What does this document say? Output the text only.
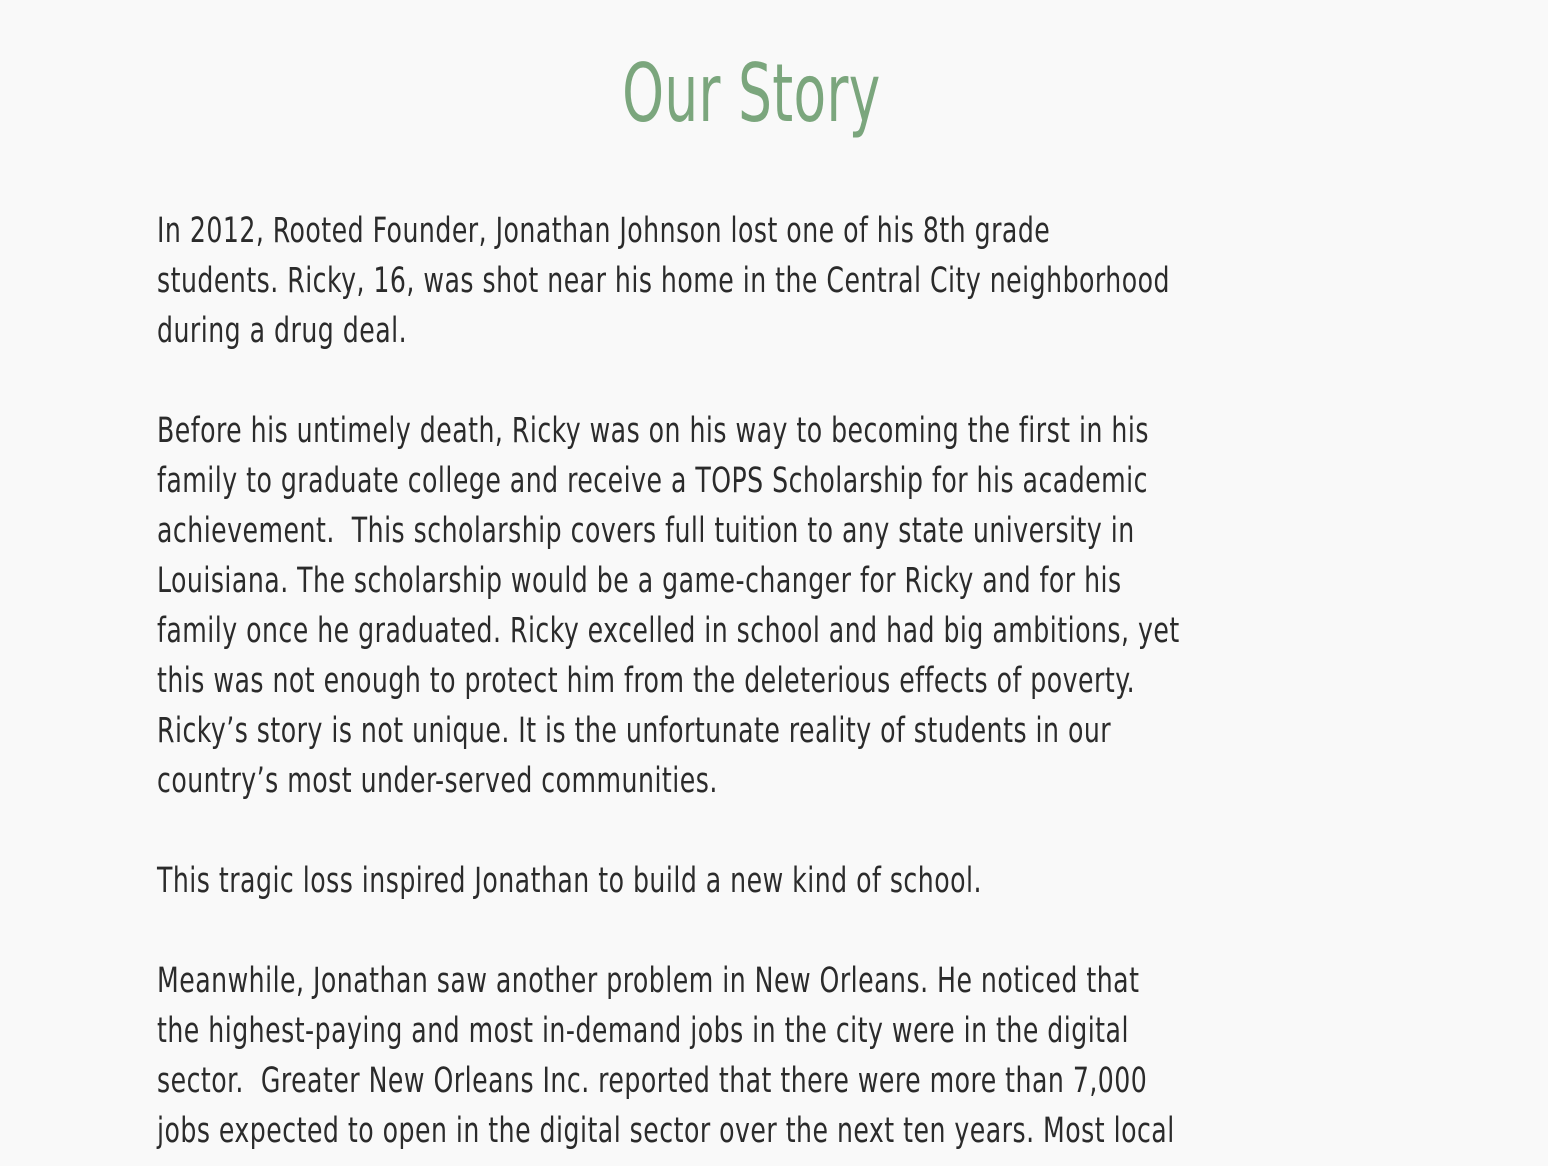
Our Story

In 2012, Rooted Founder, Jonathan Johnson lost one of his 8th grade
students. Ricky, 16, was shot near his home in the Central City neighborhood
during a drug deal.

Before his untimely death, Ricky was on his way to becoming the first in his
family to graduate college and receive a TOPS Scholarship for his academic
achievement.  This scholarship covers full tuition to any state university in
Louisiana. The scholarship would be a game-changer for Ricky and for his
family once he graduated. Ricky excelled in school and had big ambitions, yet
this was not enough to protect him from the deleterious effects of poverty.
Ricky’s story is not unique. It is the unfortunate reality of students in our
country’s most under-served communities.

This tragic loss inspired Jonathan to build a new kind of school.

Meanwhile, Jonathan saw another problem in New Orleans. He noticed that
the highest-paying and most in-demand jobs in the city were in the digital
sector.  Greater New Orleans Inc. reported that there were more than 7,000
jobs expected to open in the digital sector over the next ten years. Most local
